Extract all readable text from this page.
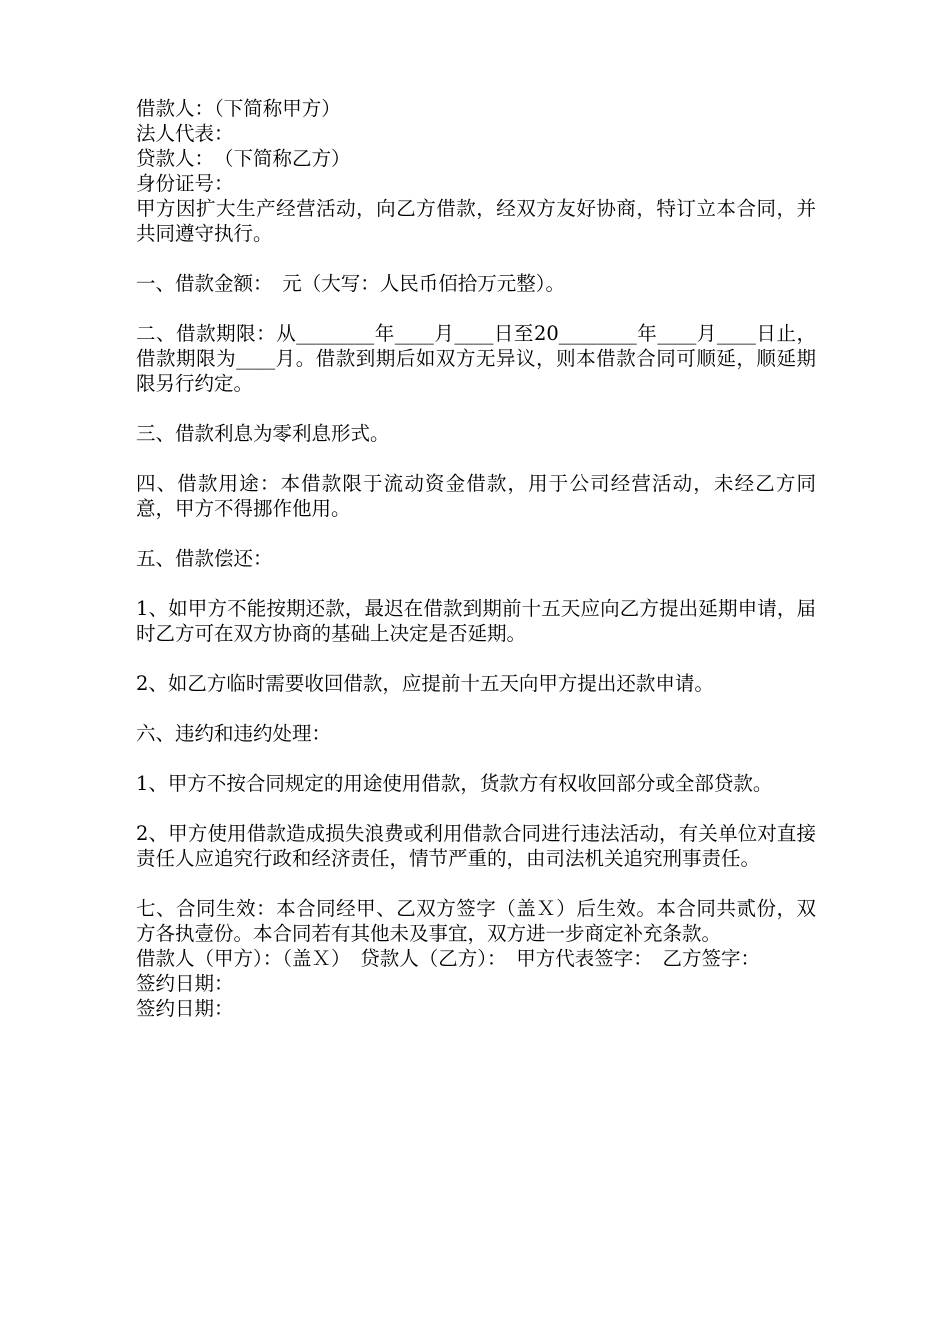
借款人：（下简称甲方）

法人代表：

贷款人：　（下简称乙方）

身份证号：

甲方因扩大生产经营活动，向乙方借款，经双方友好协商，特订立本合同，并共同遵守执行。

一、借款金额：　元（大写：人民币佰拾万元整）。

二、借款期限：从________年____月____日至20________年____月____日止，借款期限为____月。借款到期后如双方无异议，则本借款合同可顺延，顺延期限另行约定。

三、借款利息为零利息形式。

四、借款用途：本借款限于流动资金借款，用于公司经营活动，未经乙方同意，甲方不得挪作他用。

五、借款偿还：

1、如甲方不能按期还款，最迟在借款到期前十五天应向乙方提出延期申请，届时乙方可在双方协商的基础上决定是否延期。

2、如乙方临时需要收回借款，应提前十五天向甲方提出还款申请。

六、违约和违约处理：

1、甲方不按合同规定的用途使用借款，货款方有权收回部分或全部贷款。

2、甲方使用借款造成损失浪费或利用借款合同进行违法活动，有关单位对直接责任人应追究行政和经济责任，情节严重的，由司法机关追究刑事责任。

七、合同生效：本合同经甲、乙双方签字（盖Ｘ）后生效。本合同共贰份，双方各执壹份。本合同若有其他未及事宜，双方进一步商定补充条款。

借款人（甲方）：（盖Ｘ）　贷款人（乙方）：　甲方代表签字：　乙方签字：

签约日期：

签约日期：
